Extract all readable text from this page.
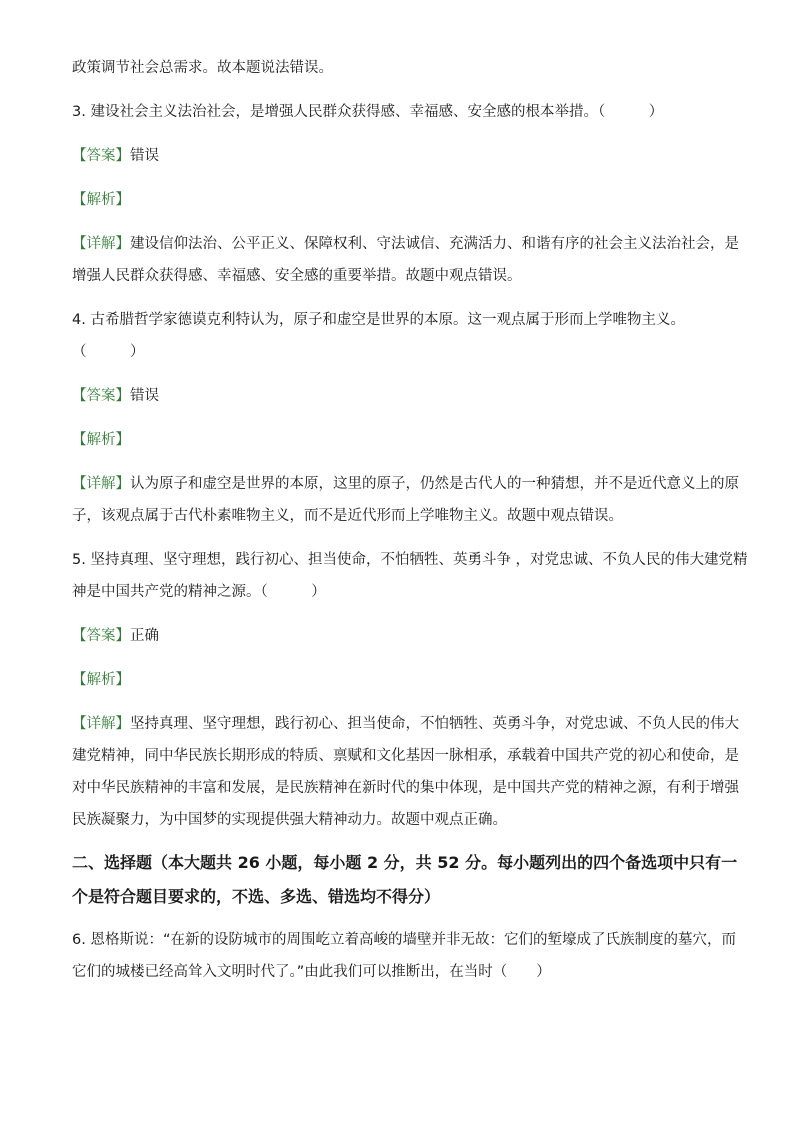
政策调节社会总需求。故本题说法错误。

3. 建设社会主义法治社会，是增强人民群众获得感、幸福感、安全感的根本举措。（　　　）

【答案】错误

【解析】

【详解】建设信仰法治、公平正义、保障权利、守法诚信、充满活力、和谐有序的社会主义法治社会，是

增强人民群众获得感、幸福感、安全感的重要举措。故题中观点错误。

4. 古希腊哲学家德谟克利特认为，原子和虚空是世界的本原。这一观点属于形而上学唯物主义。

（　　　）

【答案】错误

【解析】

【详解】认为原子和虚空是世界的本原，这里的原子，仍然是古代人的一种猜想，并不是近代意义上的原

子，该观点属于古代朴素唯物主义，而不是近代形而上学唯物主义。故题中观点错误。

5. 坚持真理、坚守理想，践行初心、担当使命，不怕牺牲、英勇斗争 ，对党忠诚、不负人民的伟大建党精

神是中国共产党的精神之源。（　　　）

【答案】正确

【解析】

【详解】坚持真理、坚守理想，践行初心、担当使命，不怕牺牲、英勇斗争，对党忠诚、不负人民的伟大

建党精神，同中华民族长期形成的特质、禀赋和文化基因一脉相承，承载着中国共产党的初心和使命，是

对中华民族精神的丰富和发展，是民族精神在新时代的集中体现，是中国共产党的精神之源，有利于增强

民族凝聚力，为中国梦的实现提供强大精神动力。故题中观点正确。

二、选择题（本大题共 26 小题，每小题 2 分，共 52 分。每小题列出的四个备选项中只有一

个是符合题目要求的，不选、多选、错选均不得分）

6. 恩格斯说：“在新的设防城市的周围屹立着高峻的墙壁并非无故：它们的堑壕成了氏族制度的墓穴，而

它们的城楼已经高耸入文明时代了。”由此我们可以推断出，在当时（　　）
